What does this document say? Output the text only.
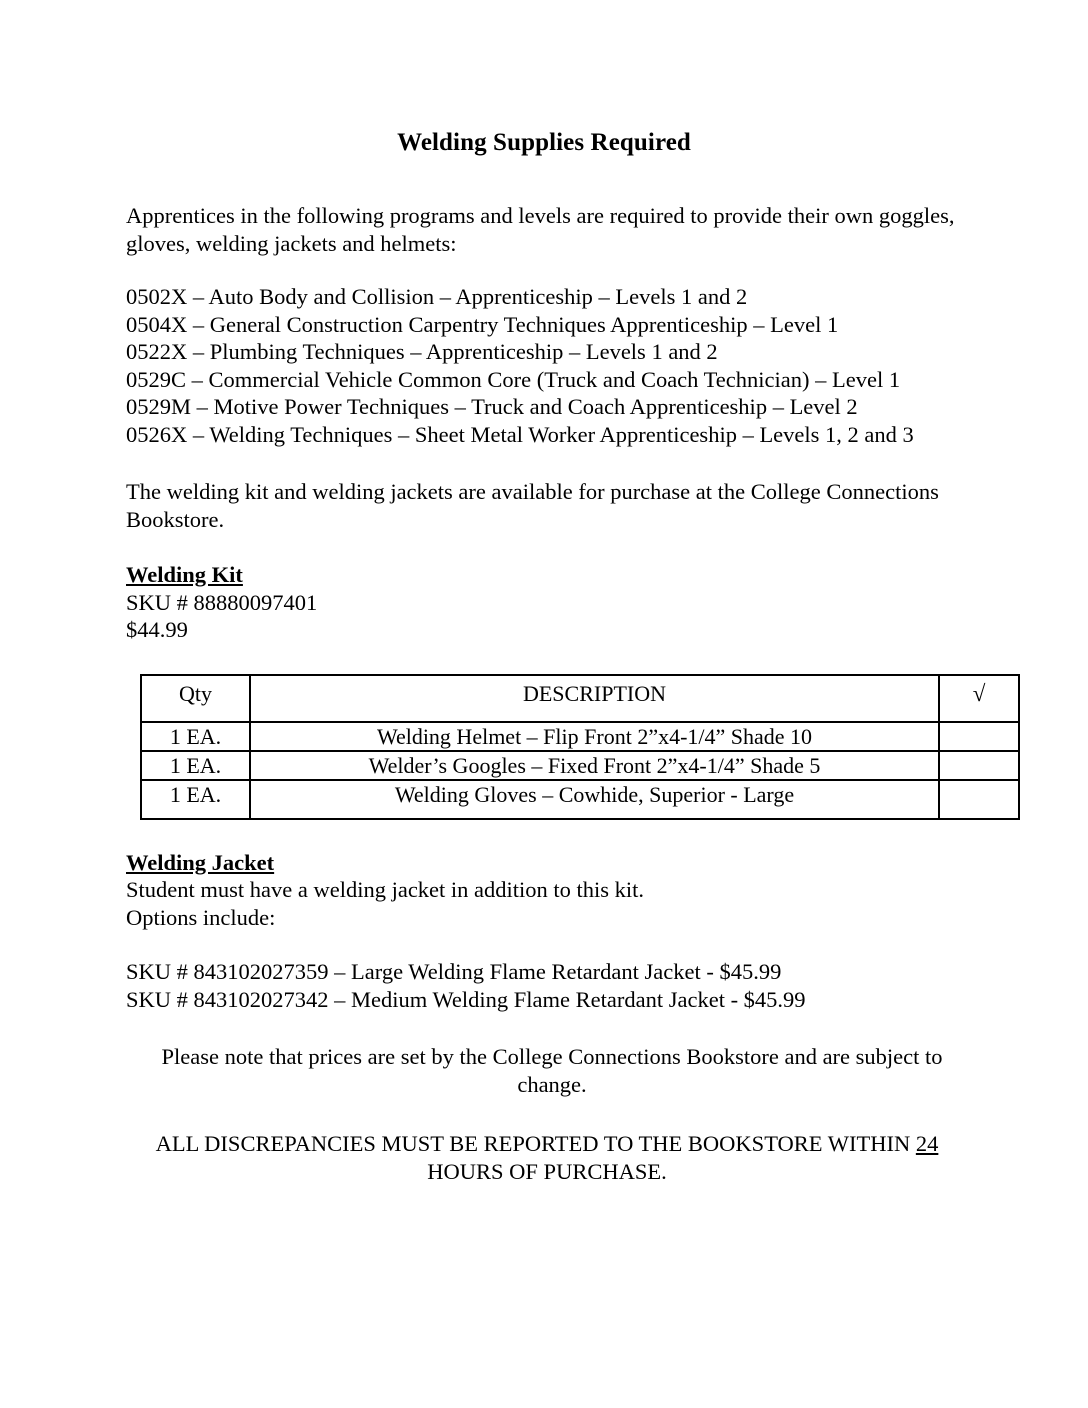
Welding Supplies Required

Apprentices in the following programs and levels are required to provide their own goggles, gloves, welding jackets and helmets:

0502X – Auto Body and Collision – Apprenticeship – Levels 1 and 2
0504X – General Construction Carpentry Techniques Apprenticeship – Level 1
0522X – Plumbing Techniques – Apprenticeship – Levels 1 and 2
0529C – Commercial Vehicle Common Core (Truck and Coach Technician) – Level 1
0529M – Motive Power Techniques – Truck and Coach Apprenticeship – Level 2
0526X – Welding Techniques – Sheet Metal Worker Apprenticeship – Levels 1, 2 and 3

The welding kit and welding jackets are available for purchase at the College Connections Bookstore.

Welding Kit
SKU # 88880097401
$44.99
Qty	DESCRIPTION	√
1 EA.	Welding Helmet – Flip Front 2”x4-1/4” Shade 10	
1 EA.	Welder’s Googles – Fixed Front 2”x4-1/4” Shade 5	
1 EA.	Welding Gloves – Cowhide, Superior - Large	
Welding Jacket
Student must have a welding jacket in addition to this kit.
Options include:
SKU # 843102027359 – Large Welding Flame Retardant Jacket - $45.99
SKU # 843102027342 – Medium Welding Flame Retardant Jacket - $45.99

Please note that prices are set by the College Connections Bookstore and are subject to change.

ALL DISCREPANCIES MUST BE REPORTED TO THE BOOKSTORE WITHIN 24 HOURS OF PURCHASE.
